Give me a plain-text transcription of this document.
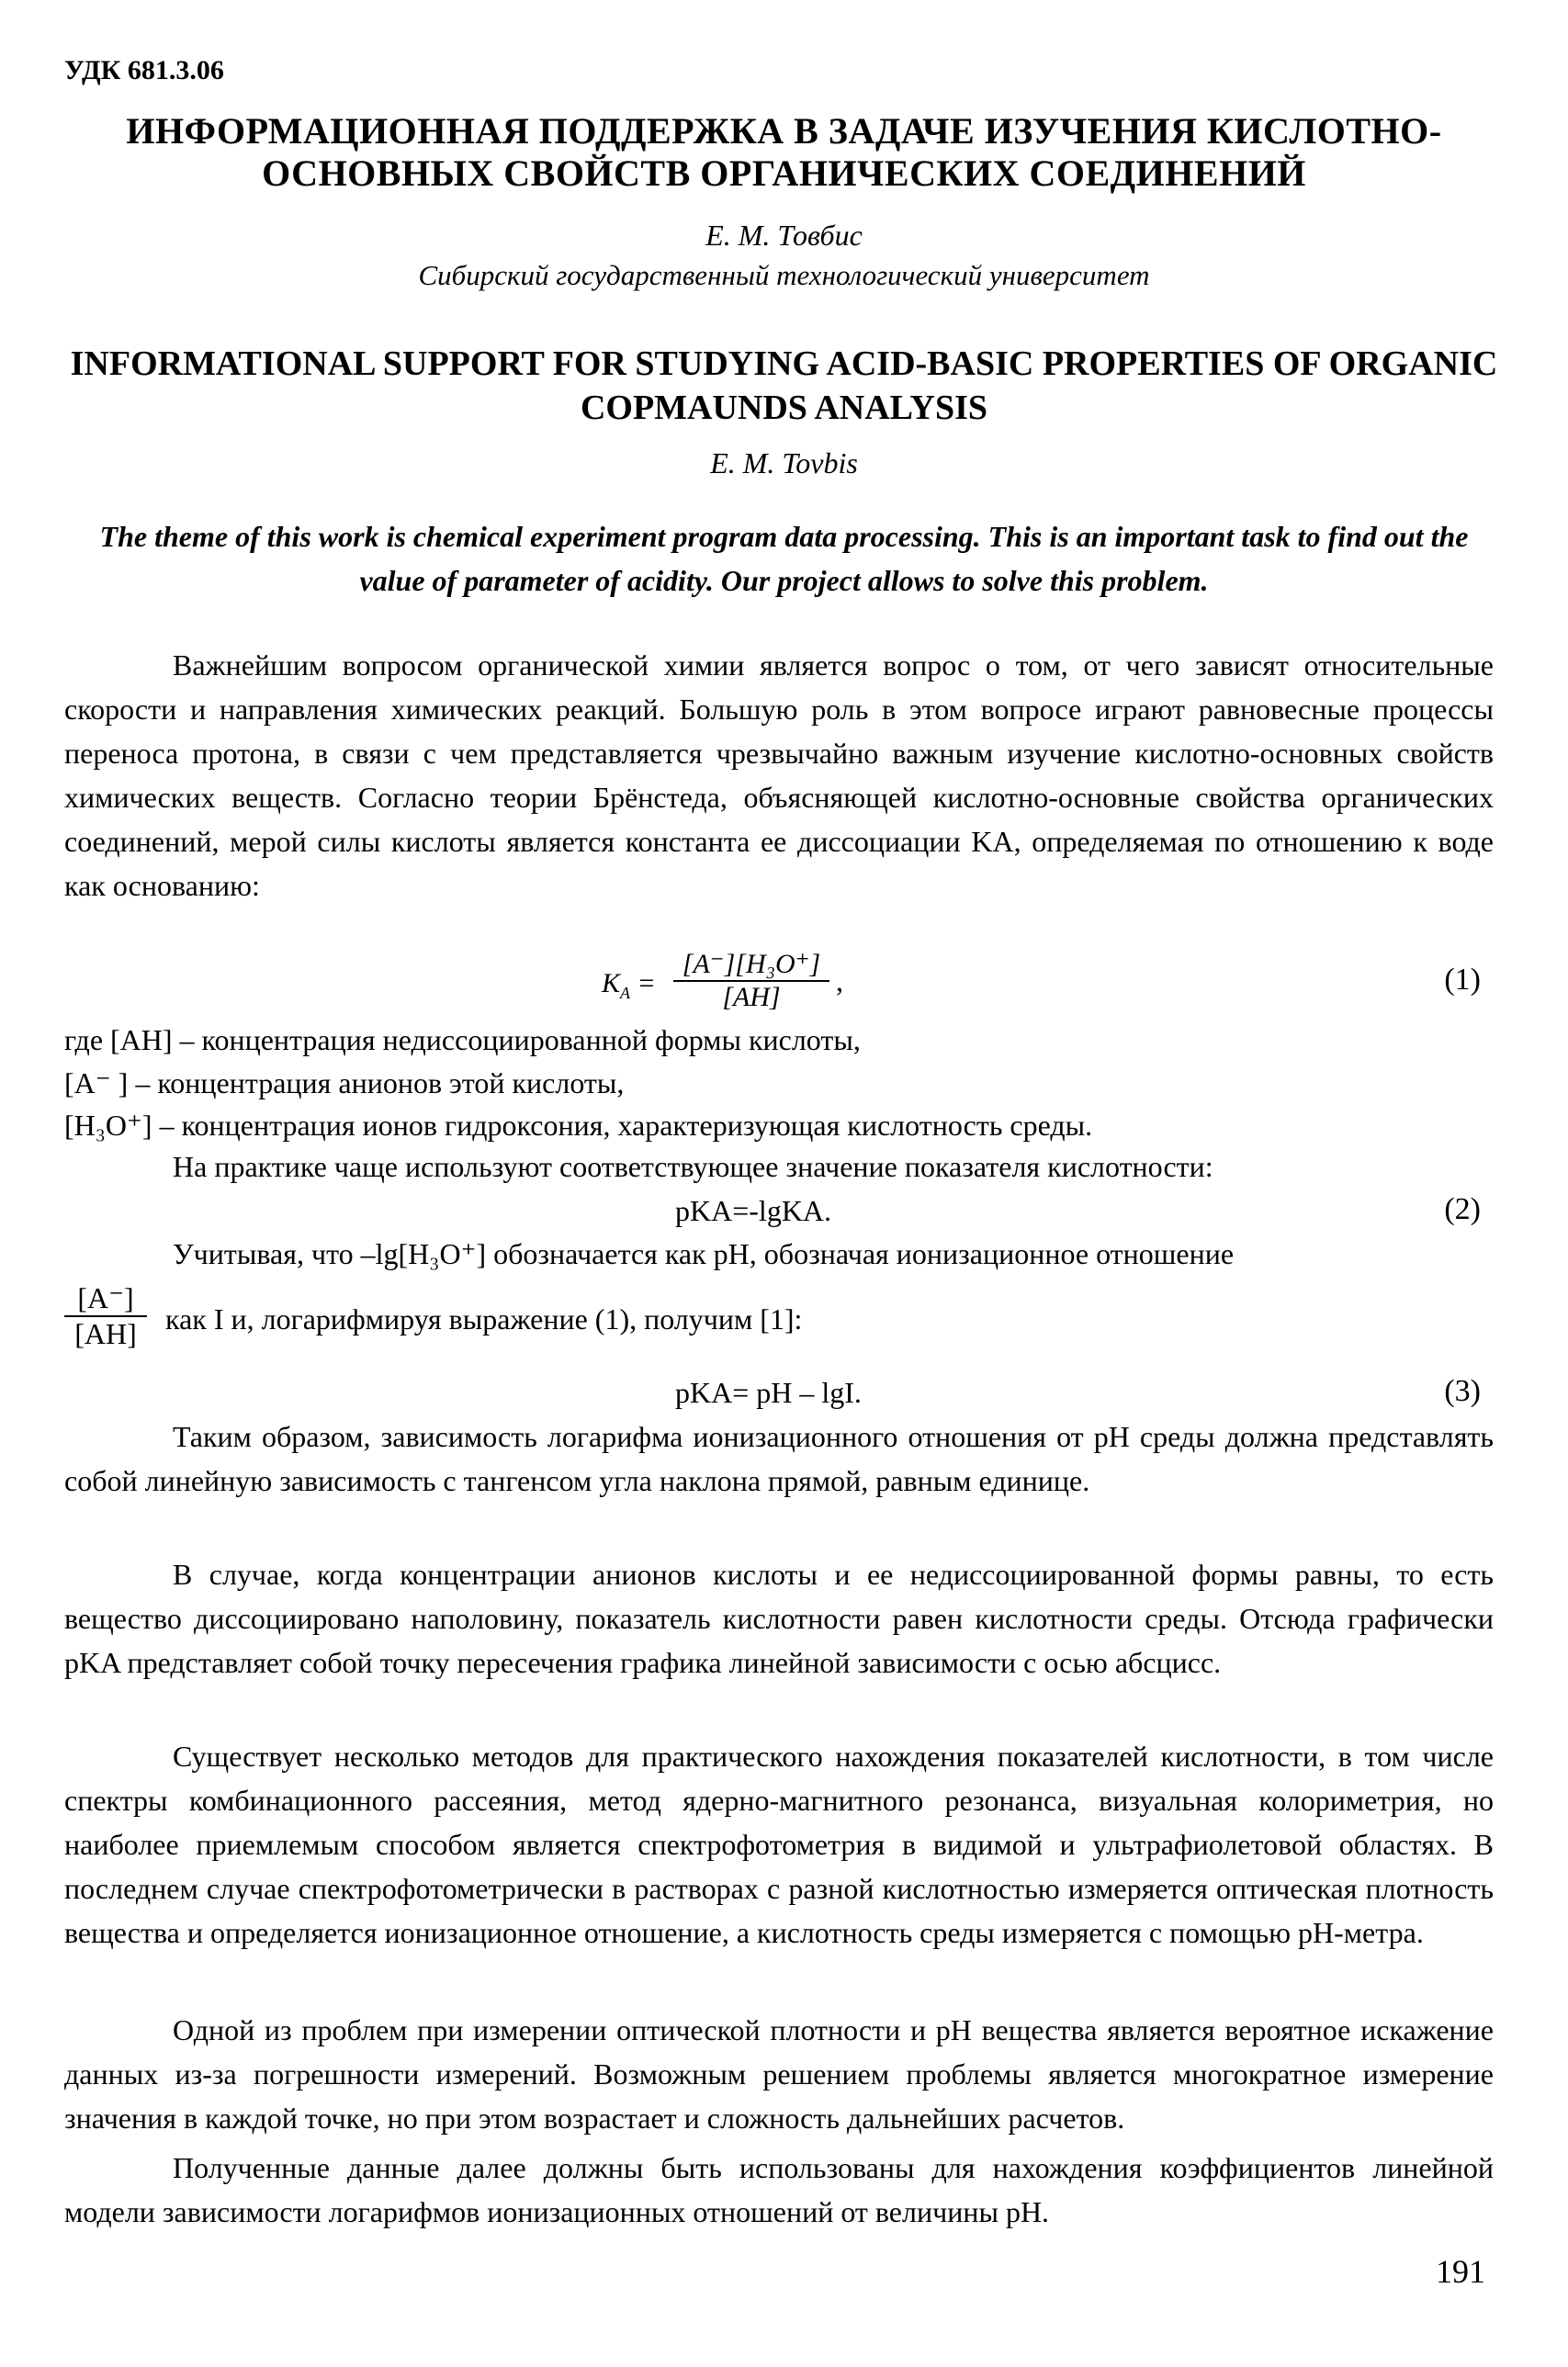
УДК 681.3.06
ИНФОРМАЦИОННАЯ ПОДДЕРЖКА В ЗАДАЧЕ ИЗУЧЕНИЯ КИСЛОТНО-ОСНОВНЫХ СВОЙСТВ ОРГАНИЧЕСКИХ СОЕДИНЕНИЙ
Е. М. Товбис
Сибирский государственный технологический университет
INFORMATIONAL SUPPORT FOR STUDYING ACID-BASIC PROPERTIES OF ORGANIC COPMAUNDS ANALYSIS
E. M. Tovbis
The theme of this work is chemical experiment program data processing. This is an important task to find out the value of parameter of acidity. Our project allows to solve this problem.

Важнейшим вопросом органической химии является вопрос о том, от чего зависят относительные скорости и направления химических реакций. Большую роль в этом вопросе играют равновесные процессы переноса протона, в связи с чем представляется чрезвычайно важным изучение кислотно-основных свойств химических веществ. Согласно теории Брёнстеда, объясняющей кислотно-основные свойства органических соединений, мерой силы кислоты является константа ее диссоциации KA, определяемая по отношению к воде как основанию:

$K_A = \frac{\text{[A⁻][H₃O⁺]}}{[AH]}$ ,	(1)
где [AH] – концентрация недиссоциированной формы кислоты,
[A⁻ ] – концентрация анионов этой кислоты,
[H₃O⁺] – концентрация ионов гидроксония, характеризующая кислотность среды.
На практике чаще используют соответствующее значение показателя кислотности:
pKA=-lgKA.	(2)
Учитывая, что –lg[H₃O⁺] обозначается как pH, обозначая ионизационное отношение
$\frac{[A^-]}{[AH]}$ как I и, логарифмируя выражение (1), получим [1]:
pKA= pH – lgI.	(3)

Таким образом, зависимость логарифма ионизационного отношения от pH среды должна представлять собой линейную зависимость с тангенсом угла наклона прямой, равным единице.

В случае, когда концентрации анионов кислоты и ее недиссоциированной формы равны, то есть вещество диссоциировано наполовину, показатель кислотности равен кислотности среды. Отсюда графически pKA представляет собой точку пересечения графика линейной зависимости с осью абсцисс.

Существует несколько методов для практического нахождения показателей кислотности, в том числе спектры комбинационного рассеяния, метод ядерно-магнитного резонанса, визуальная колориметрия, но наиболее приемлемым способом является спектрофотометрия в видимой и ультрафиолетовой областях. В последнем случае спектрофотометрически в растворах с разной кислотностью измеряется оптическая плотность вещества и определяется ионизационное отношение, а кислотность среды измеряется с помощью pH-метра.

Одной из проблем при измерении оптической плотности и pH вещества является вероятное искажение данных из-за погрешности измерений. Возможным решением проблемы является многократное измерение значения в каждой точке, но при этом возрастает и сложность дальнейших расчетов.

Полученные данные далее должны быть использованы для нахождения коэффициентов линейной модели зависимости логарифмов ионизационных отношений от величины pH.

191
